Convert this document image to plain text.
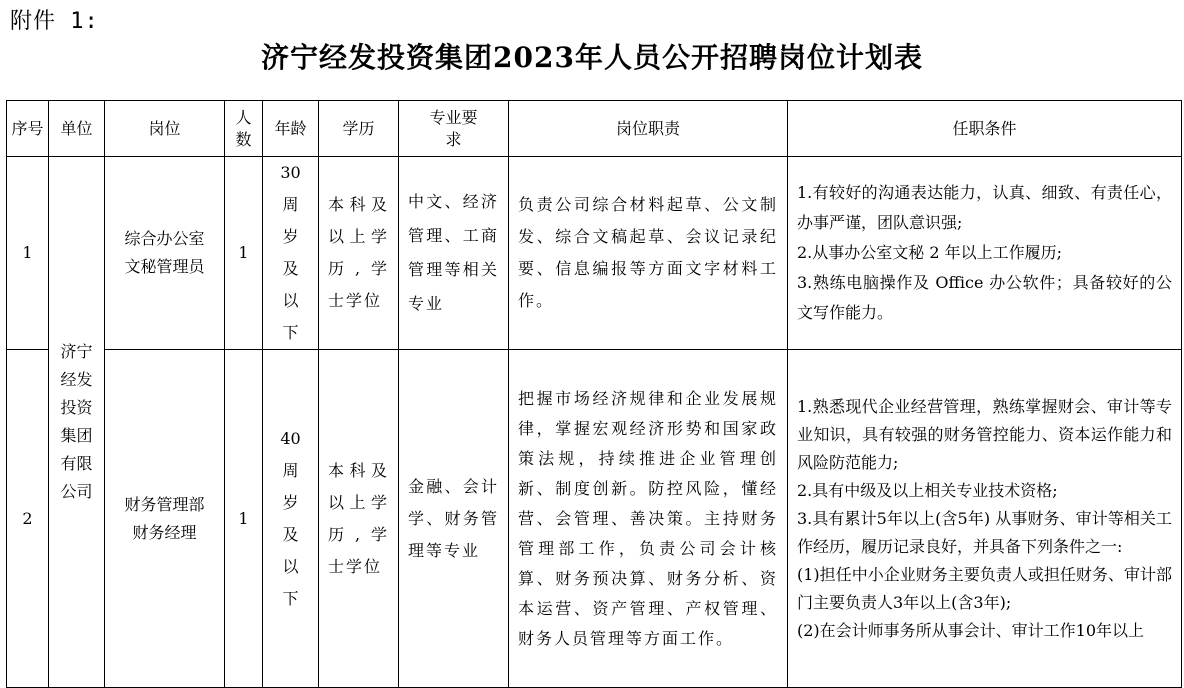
附件 1:
济宁经发投资集团2023年人员公开招聘岗位计划表
序号	单位	岗位	人数	年龄	学历	专业要求	岗位职责	任职条件
1	济宁经发投资集团有限公司	综合办公室文秘管理员	1	30周岁及以下	本科及以上学历,学士学位	中文、经济管理、工商管理等相关专业	负责公司综合材料起草、公文制发、综合文稿起草、会议记录纪要、信息编报等方面文字材料工作。	1.有较好的沟通表达能力，认真、细致、有责任心，办事严谨，团队意识强;
2.从事办公室文秘 2 年以上工作履历;
3.熟练电脑操作及 Office 办公软件；具备较好的公文写作能力。

2		财务管理部财务经理	1	40周岁及以下	本科及以上学历,学士学位	金融、会计学、财务管理等专业	把握市场经济规律和企业发展规律，掌握宏观经济形势和国家政策法规，持续推进企业管理创新、制度创新。防控风险，懂经营、会管理、善决策。主持财务管理部工作，负责公司会计核算、财务预决算、财务分析、资本运营、资产管理、产权管理、财务人员管理等方面工作。	1.熟悉现代企业经营管理，熟练掌握财会、审计等专业知识，具有较强的财务管控能力、资本运作能力和风险防范能力;
2.具有中级及以上相关专业技术资格;
3.具有累计5年以上(含5年) 从事财务、审计等相关工作经历，履历记录良好，并具备下列条件之一:
(1)担任中小企业财务主要负责人或担任财务、审计部门主要负责人3年以上(含3年);
(2)在会计师事务所从事会计、审计工作10年以上
